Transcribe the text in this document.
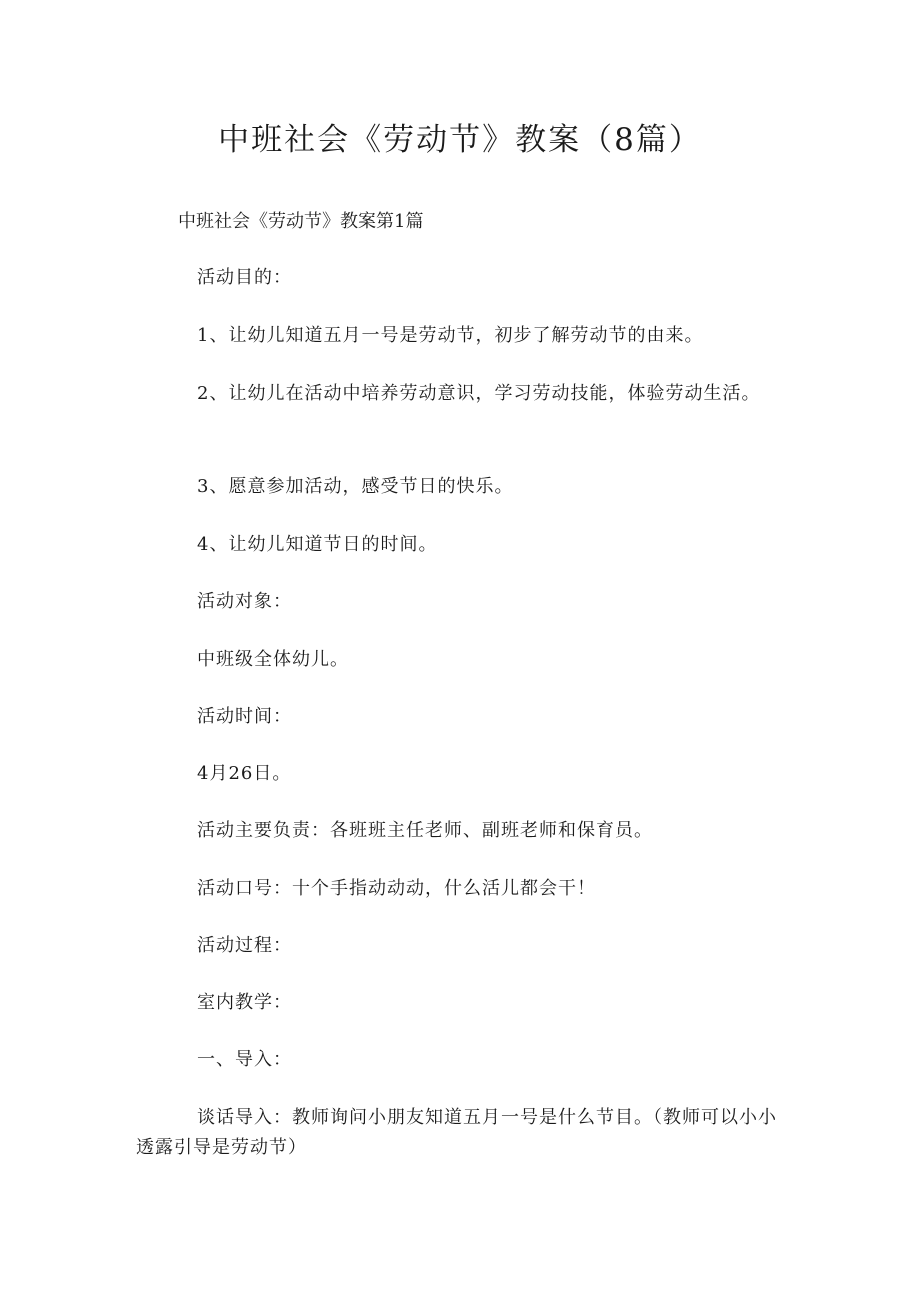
中班社会《劳动节》教案（8篇）
中班社会《劳动节》教案第1篇

活动目的：

1、让幼儿知道五月一号是劳动节，初步了解劳动节的由来。

2、让幼儿在活动中培养劳动意识，学习劳动技能，体验劳动生活。

3、愿意参加活动，感受节日的快乐。

4、让幼儿知道节日的时间。

活动对象：

中班级全体幼儿。

活动时间：

4月26日。

活动主要负责：各班班主任老师、副班老师和保育员。

活动口号：十个手指动动动，什么活儿都会干！

活动过程：

室内教学：

一、导入：

谈话导入：教师询问小朋友知道五月一号是什么节目。（教师可以小小透露引导是劳动节）
